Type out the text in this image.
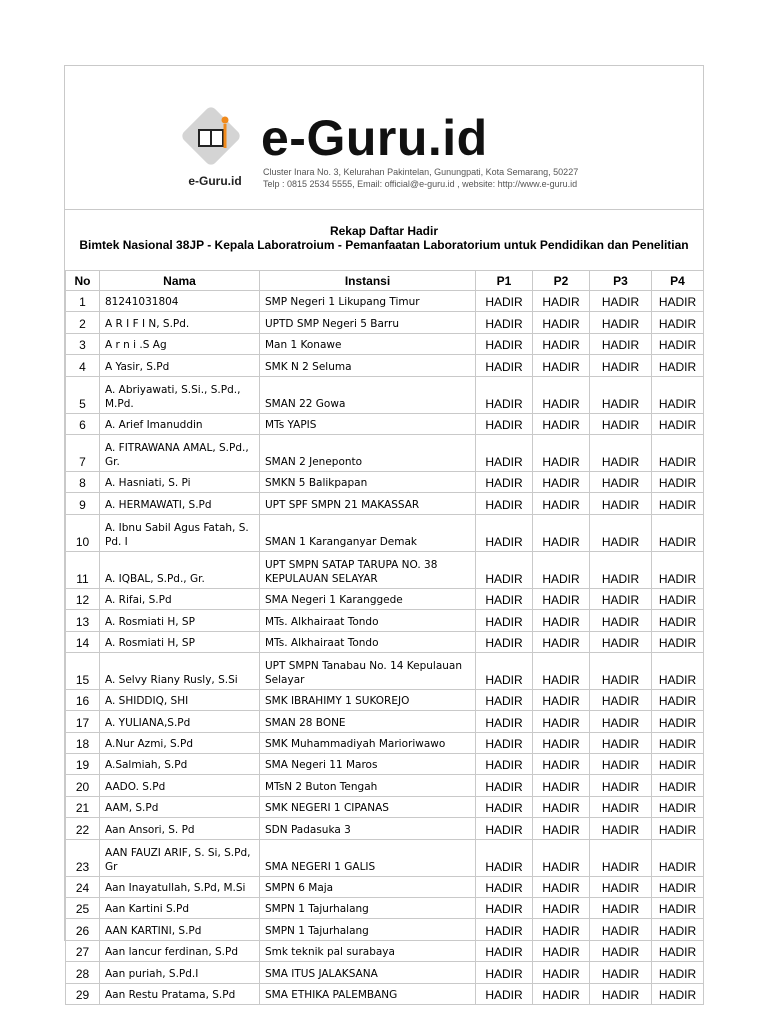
e-Guru.id
e-Guru.id
Cluster Inara No. 3, Kelurahan Pakintelan, Gunungpati, Kota Semarang, 50227
Telp : 0815 2534 5555, Email: official@e-guru.id , website: http://www.e-guru.id
Rekap Daftar Hadir
Bimtek Nasional 38JP - Kepala Laboratroium - Pemanfaatan Laboratorium untuk Pendidikan dan Penelitian
No	Nama	Instansi	P1	P2	P3	P4
1	81241031804	SMP Negeri 1 Likupang Timur	HADIR	HADIR	HADIR	HADIR
2	A R I F I N, S.Pd.	UPTD SMP Negeri 5 Barru	HADIR	HADIR	HADIR	HADIR
3	A r n i .S Ag	Man 1 Konawe	HADIR	HADIR	HADIR	HADIR
4	A Yasir, S.Pd	SMK N 2 Seluma	HADIR	HADIR	HADIR	HADIR
5	A. Abriyawati, S.Si., S.Pd., M.Pd.	SMAN 22 Gowa	HADIR	HADIR	HADIR	HADIR
6	A. Arief Imanuddin	MTs YAPIS	HADIR	HADIR	HADIR	HADIR
7	A. FITRAWANA AMAL, S.Pd., Gr.	SMAN 2 Jeneponto	HADIR	HADIR	HADIR	HADIR
8	A. Hasniati, S. Pi	SMKN 5 Balikpapan	HADIR	HADIR	HADIR	HADIR
9	A. HERMAWATI, S.Pd	UPT SPF SMPN 21 MAKASSAR	HADIR	HADIR	HADIR	HADIR
10	A. Ibnu Sabil Agus Fatah, S. Pd. I	SMAN 1 Karanganyar Demak	HADIR	HADIR	HADIR	HADIR
11	A. IQBAL, S.Pd., Gr.	UPT SMPN SATAP TARUPA NO. 38 KEPULAUAN SELAYAR	HADIR	HADIR	HADIR	HADIR
12	A. Rifai, S.Pd	SMA Negeri 1 Karanggede	HADIR	HADIR	HADIR	HADIR
13	A. Rosmiati H, SP	MTs. Alkhairaat Tondo	HADIR	HADIR	HADIR	HADIR
14	A. Rosmiati H, SP	MTs. Alkhairaat Tondo	HADIR	HADIR	HADIR	HADIR
15	A. Selvy Riany Rusly, S.Si	UPT SMPN Tanabau No. 14 Kepulauan Selayar	HADIR	HADIR	HADIR	HADIR
16	A. SHIDDIQ, SHI	SMK IBRAHIMY 1 SUKOREJO	HADIR	HADIR	HADIR	HADIR
17	A. YULIANA,S.Pd	SMAN 28 BONE	HADIR	HADIR	HADIR	HADIR
18	A.Nur Azmi, S.Pd	SMK Muhammadiyah Marioriwawo	HADIR	HADIR	HADIR	HADIR
19	A.Salmiah, S.Pd	SMA Negeri 11 Maros	HADIR	HADIR	HADIR	HADIR
20	AADO. S.Pd	MTsN 2 Buton Tengah	HADIR	HADIR	HADIR	HADIR
21	AAM, S.Pd	SMK NEGERI 1 CIPANAS	HADIR	HADIR	HADIR	HADIR
22	Aan Ansori, S. Pd	SDN Padasuka 3	HADIR	HADIR	HADIR	HADIR
23	AAN FAUZI ARIF, S. Si, S.Pd, Gr	SMA NEGERI 1 GALIS	HADIR	HADIR	HADIR	HADIR
24	Aan Inayatullah, S.Pd, M.Si	SMPN 6 Maja	HADIR	HADIR	HADIR	HADIR
25	Aan Kartini S.Pd	SMPN 1 Tajurhalang	HADIR	HADIR	HADIR	HADIR
26	AAN KARTINI, S.Pd	SMPN 1 Tajurhalang	HADIR	HADIR	HADIR	HADIR
27	Aan lancur ferdinan, S.Pd	Smk teknik pal surabaya	HADIR	HADIR	HADIR	HADIR
28	Aan puriah, S.Pd.I	SMA ITUS JALAKSANA	HADIR	HADIR	HADIR	HADIR
29	Aan Restu Pratama, S.Pd	SMA ETHIKA PALEMBANG	HADIR	HADIR	HADIR	HADIR
